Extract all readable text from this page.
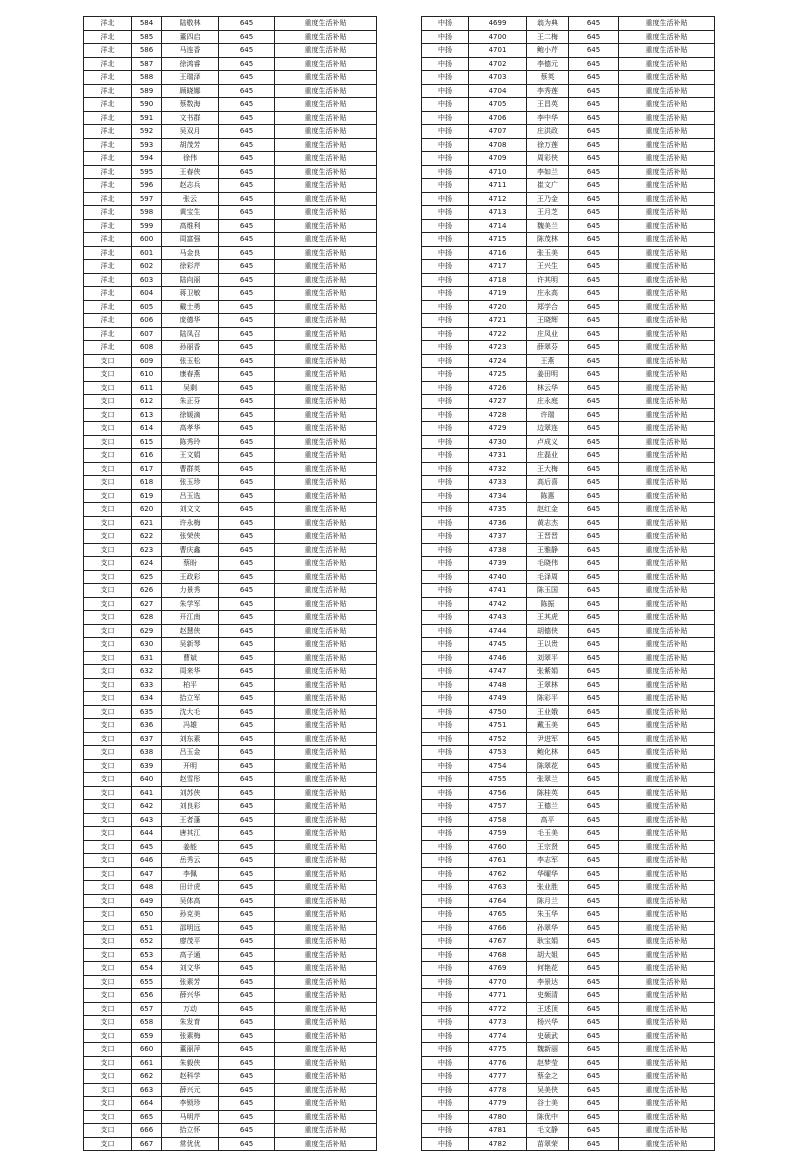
洋北	584	陆敬林	645	重度生活补贴
洋北	585	董四启	645	重度生活补贴
洋北	586	马连香	645	重度生活补贴
洋北	587	徐鸿睿	645	重度生活补贴
洋北	588	王瑞泽	645	重度生活补贴
洋北	589	顾晓娜	645	重度生活补贴
洋北	590	蔡数海	645	重度生活补贴
洋北	591	文书群	645	重度生活补贴
洋北	592	吴双月	645	重度生活补贴
洋北	593	胡茂芳	645	重度生活补贴
洋北	594	徐伟	645	重度生活补贴
洋北	595	王春侠	645	重度生活补贴
洋北	596	赵志兵	645	重度生活补贴
洋北	597	张云	645	重度生活补贴
洋北	598	黄宝生	645	重度生活补贴
洋北	599	高维利	645	重度生活补贴
洋北	600	周富强	645	重度生活补贴
洋北	601	马金良	645	重度生活补贴
洋北	602	徐彩芹	645	重度生活补贴
洋北	603	陆向丽	645	重度生活补贴
洋北	604	蒋卫敏	645	重度生活补贴
洋北	605	戴士勇	645	重度生活补贴
洋北	606	庞德华	645	重度生活补贴
洋北	607	陆凤召	645	重度生活补贴
洋北	608	孙丽香	645	重度生活补贴
支口	609	张玉松	645	重度生活补贴
支口	610	康春燕	645	重度生活补贴
支口	611	吴剩	645	重度生活补贴
支口	612	朱正芬	645	重度生活补贴
支口	613	徐媛滴	645	重度生活补贴
支口	614	高孝华	645	重度生活补贴
支口	615	陈秀玲	645	重度生活补贴
支口	616	王文娟	645	重度生活补贴
支口	617	曹群英	645	重度生活补贴
支口	618	张玉珍	645	重度生活补贴
支口	619	吕玉选	645	重度生活补贴
支口	620	刘文文	645	重度生活补贴
支口	621	许永梅	645	重度生活补贴
支口	622	张荣侠	645	重度生活补贴
支口	623	曹庆鑫	645	重度生活补贴
支口	624	蔡盼	645	重度生活补贴
支口	625	王政彩	645	重度生活补贴
支口	626	力景秀	645	重度生活补贴
支口	627	朱学军	645	重度生活补贴
支口	628	开江南	645	重度生活补贴
支口	629	赵慧侠	645	重度生活补贴
支口	630	吴新琴	645	重度生活补贴
支口	631	曹斌	645	重度生活补贴
支口	632	周来华	645	重度生活补贴
支口	633	柏平	645	重度生活补贴
支口	634	拾立军	645	重度生活补贴
支口	635	沈大毛	645	重度生活补贴
支口	636	冯雄	645	重度生活补贴
支口	637	刘东素	645	重度生活补贴
支口	638	吕玉金	645	重度生活补贴
支口	639	开明	645	重度生活补贴
支口	640	赵雪彤	645	重度生活补贴
支口	641	刘苏侠	645	重度生活补贴
支口	642	刘良彩	645	重度生活补贴
支口	643	王者蓬	645	重度生活补贴
支口	644	唐其江	645	重度生活补贴
支口	645	姜能	645	重度生活补贴
支口	646	岳秀云	645	重度生活补贴
支口	647	李佩	645	重度生活补贴
支口	648	田计虎	645	重度生活补贴
支口	649	吴体高	645	重度生活补贴
支口	650	孙克美	645	重度生活补贴
支口	651	邵明远	645	重度生活补贴
支口	652	廖茂平	645	重度生活补贴
支口	653	高子通	645	重度生活补贴
支口	654	刘文华	645	重度生活补贴
支口	655	张素芳	645	重度生活补贴
支口	656	薛兴华	645	重度生活补贴
支口	657	万动	645	重度生活补贴
支口	658	朱发育	645	重度生活补贴
支口	659	张素梅	645	重度生活补贴
支口	660	董丽萍	645	重度生活补贴
支口	661	朱毅侠	645	重度生活补贴
支口	662	赵科学	645	重度生活补贴
支口	663	薛兴元	645	重度生活补贴
支口	664	李锁珍	645	重度生活补贴
支口	665	马明芹	645	重度生活补贴
支口	666	拾立怀	645	重度生活补贴
支口	667	常优优	645	重度生活补贴
中扬	4699	翁为典	645	重度生活补贴
中扬	4700	王二梅	645	重度生活补贴
中扬	4701	鲍小芹	645	重度生活补贴
中扬	4702	李德元	645	重度生活补贴
中扬	4703	蔡英	645	重度生活补贴
中扬	4704	李秀莲	645	重度生活补贴
中扬	4705	王昌英	645	重度生活补贴
中扬	4706	李中华	645	重度生活补贴
中扬	4707	庄洪政	645	重度生活补贴
中扬	4708	徐万莲	645	重度生活补贴
中扬	4709	周彩侠	645	重度生活补贴
中扬	4710	李如兰	645	重度生活补贴
中扬	4711	崔文广	645	重度生活补贴
中扬	4712	王乃金	645	重度生活补贴
中扬	4713	王月芝	645	重度生活补贴
中扬	4714	魏美兰	645	重度生活补贴
中扬	4715	陈茂林	645	重度生活补贴
中扬	4716	张玉美	645	重度生活补贴
中扬	4717	王兴生	645	重度生活补贴
中扬	4718	许其明	645	重度生活补贴
中扬	4719	庄永高	645	重度生活补贴
中扬	4720	郑学合	645	重度生活补贴
中扬	4721	王晓辉	645	重度生活补贴
中扬	4722	庄凤业	645	重度生活补贴
中扬	4723	薛翠芬	645	重度生活补贴
中扬	4724	王燕	645	重度生活补贴
中扬	4725	姜田明	645	重度生活补贴
中扬	4726	林云华	645	重度生活补贴
中扬	4727	庄永庭	645	重度生活补贴
中扬	4728	许瑞	645	重度生活补贴
中扬	4729	边翠连	645	重度生活补贴
中扬	4730	卢成义	645	重度生活补贴
中扬	4731	庄磊业	645	重度生活补贴
中扬	4732	王大梅	645	重度生活补贴
中扬	4733	高后喜	645	重度生活补贴
中扬	4734	陈惠	645	重度生活补贴
中扬	4735	赵红金	645	重度生活补贴
中扬	4736	黄志杰	645	重度生活补贴
中扬	4737	王晋晋	645	重度生活补贴
中扬	4738	王雅静	645	重度生活补贴
中扬	4739	毛晓伟	645	重度生活补贴
中扬	4740	毛泽周	645	重度生活补贴
中扬	4741	陈玉国	645	重度生活补贴
中扬	4742	陈振	645	重度生活补贴
中扬	4743	王其虎	645	重度生活补贴
中扬	4744	胡德侠	645	重度生活补贴
中扬	4745	王以贵	645	重度生活补贴
中扬	4746	刘翠平	645	重度生活补贴
中扬	4747	张紫娟	645	重度生活补贴
中扬	4748	王翠林	645	重度生活补贴
中扬	4749	陈彩平	645	重度生活补贴
中扬	4750	王业娥	645	重度生活补贴
中扬	4751	戴玉美	645	重度生活补贴
中扬	4752	尹进军	645	重度生活补贴
中扬	4753	鲍化林	645	重度生活补贴
中扬	4754	陈翠花	645	重度生活补贴
中扬	4755	张翠兰	645	重度生活补贴
中扬	4756	陈桂英	645	重度生活补贴
中扬	4757	王德兰	645	重度生活补贴
中扬	4758	高平	645	重度生活补贴
中扬	4759	毛玉美	645	重度生活补贴
中扬	4760	王宗贤	645	重度生活补贴
中扬	4761	李志军	645	重度生活补贴
中扬	4762	华曜华	645	重度生活补贴
中扬	4763	张业胜	645	重度生活补贴
中扬	4764	陈月兰	645	重度生活补贴
中扬	4765	朱玉华	645	重度生活补贴
中扬	4766	孙翠华	645	重度生活补贴
中扬	4767	耿宝娟	645	重度生活补贴
中扬	4768	胡大姐	645	重度生活补贴
中扬	4769	何艳花	645	重度生活补贴
中扬	4770	李景达	645	重度生活补贴
中扬	4771	史频清	645	重度生活补贴
中扬	4772	王述顶	645	重度生活补贴
中扬	4773	杨兴华	645	重度生活补贴
中扬	4774	史硕武	645	重度生活补贴
中扬	4775	魏新丽	645	重度生活补贴
中扬	4776	赵梦莹	645	重度生活补贴
中扬	4777	蔡金之	645	重度生活补贴
中扬	4778	吴美侠	645	重度生活补贴
中扬	4779	谷士美	645	重度生活补贴
中扬	4780	陈优中	645	重度生活补贴
中扬	4781	毛文静	645	重度生活补贴
中扬	4782	苗翠荣	645	重度生活补贴
